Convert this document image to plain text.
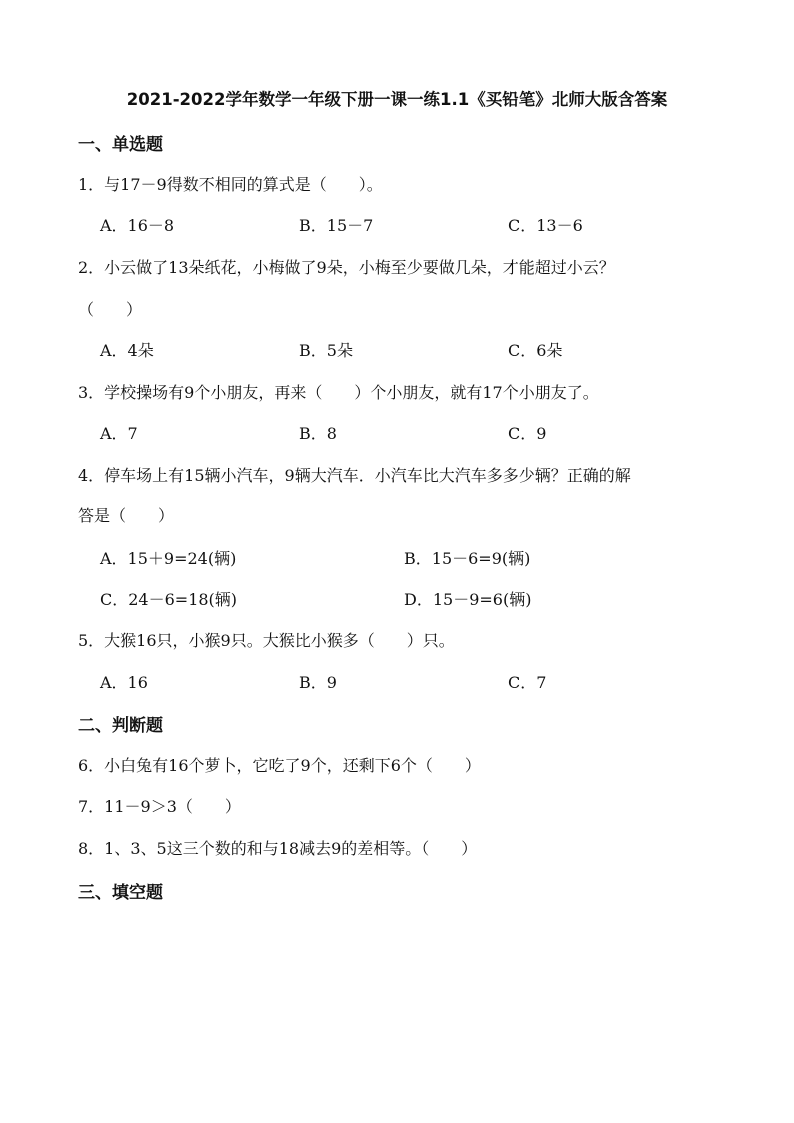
2021-2022学年数学一年级下册一课一练1.1《买铅笔》北师大版含答案
一、单选题
1．与17－9得数不相同的算式是（　　）。
A．16－8	B．15－7	C．13－6
2．小云做了13朵纸花，小梅做了9朵，小梅至少要做几朵，才能超过小云？
（　　）
A．4朵	B．5朵	C．6朵
3．学校操场有9个小朋友，再来（　　）个小朋友，就有17个小朋友了。
A．7	B．8	C．9
4．停车场上有15辆小汽车，9辆大汽车．小汽车比大汽车多多少辆？正确的解
答是（　　）
A．15＋9=24(辆)	B．15－6=9(辆)
C．24－6=18(辆)	D．15－9=6(辆)
5．大猴16只，小猴9只。大猴比小猴多（　　）只。
A．16	B．9	C．7
二、判断题
6．小白兔有16个萝卜，它吃了9个，还剩下6个（　　）
7．11－9＞3（　　）
8．1、3、5这三个数的和与18减去9的差相等。（　　）
三、填空题
